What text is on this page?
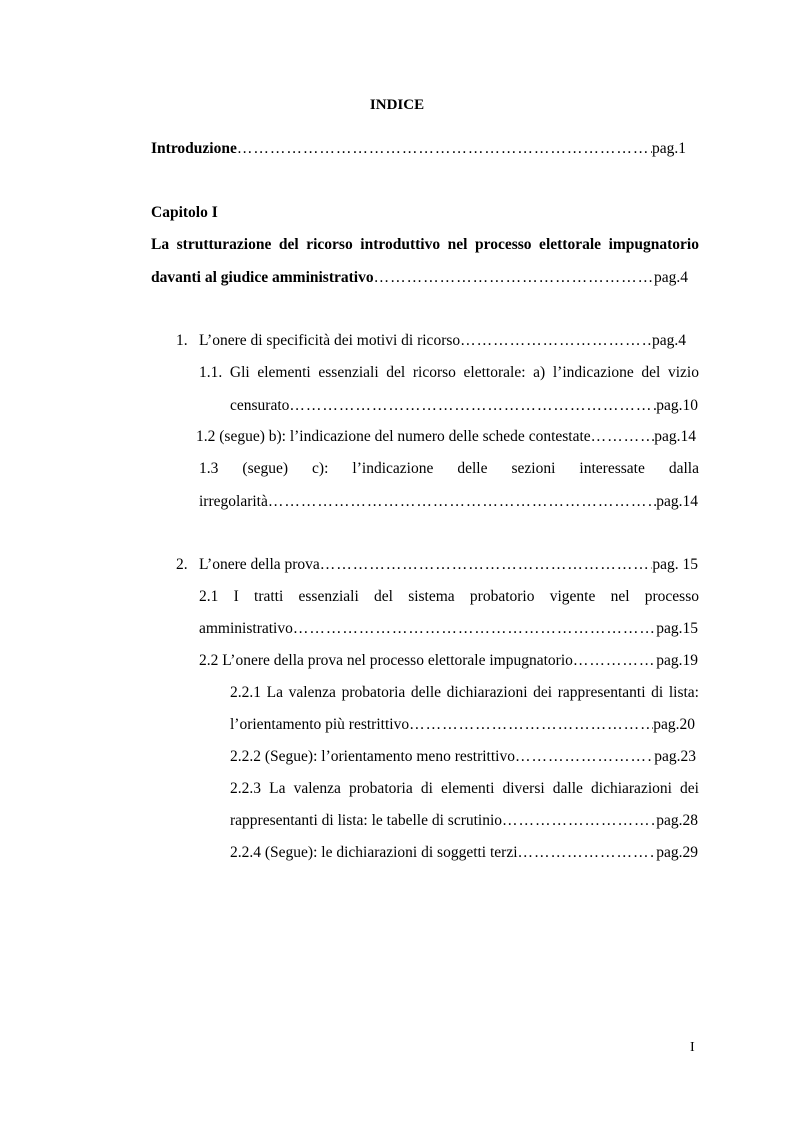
INDICE
Introduzione ………………………………………………………………………………………………………………………………………………………………………………………………………………………………………………	pag.1
Capitolo I
La strutturazione del ricorso introduttivo nel processo elettorale impugnatorio
davanti al giudice amministrativo ………………………………………………………………………………………………………………………………………………………………………………………………………………………………………………	pag.4
1. L’onere di specificità dei motivi di ricorso ………………………………………………………………………………………………………………………………………………………………………………………………………………………………………………	pag.4
1.1. Gli elementi essenziali del ricorso elettorale: a) l’indicazione del vizio
censurato ………………………………………………………………………………………………………………………………………………………………………………………………………………………………………………	pag.10
1.2 (segue) b): l’indicazione del numero delle schede contestate ………………………………………………………………………………………………………………………………………………………………………………………………………………………………………………	pag.14
1.3 (segue) c): l’indicazione delle sezioni interessate dalla
irregolarità ………………………………………………………………………………………………………………………………………………………………………………………………………………………………………………	pag.14
2. L’onere della prova ………………………………………………………………………………………………………………………………………………………………………………………………………………………………………………	pag. 15
2.1 I tratti essenziali del sistema probatorio vigente nel processo
amministrativo ………………………………………………………………………………………………………………………………………………………………………………………………………………………………………………	pag.15
2.2 L’onere della prova nel processo elettorale impugnatorio ………………………………………………………………………………………………………………………………………………………………………………………………………………………………………………	pag.19
2.2.1 La valenza probatoria delle dichiarazioni dei rappresentanti di lista:
l’orientamento più restrittivo ………………………………………………………………………………………………………………………………………………………………………………………………………………………………………………	pag.20
2.2.2 (Segue): l’orientamento meno restrittivo ………………………………………………………………………………………………………………………………………………………………………………………………………………………………………………	pag.23
2.2.3 La valenza probatoria di elementi diversi dalle dichiarazioni dei
rappresentanti di lista: le tabelle di scrutinio ………………………………………………………………………………………………………………………………………………………………………………………………………………………………………………	pag.28
2.2.4 (Segue): le dichiarazioni di soggetti terzi ………………………………………………………………………………………………………………………………………………………………………………………………………………………………………………	pag.29
I
